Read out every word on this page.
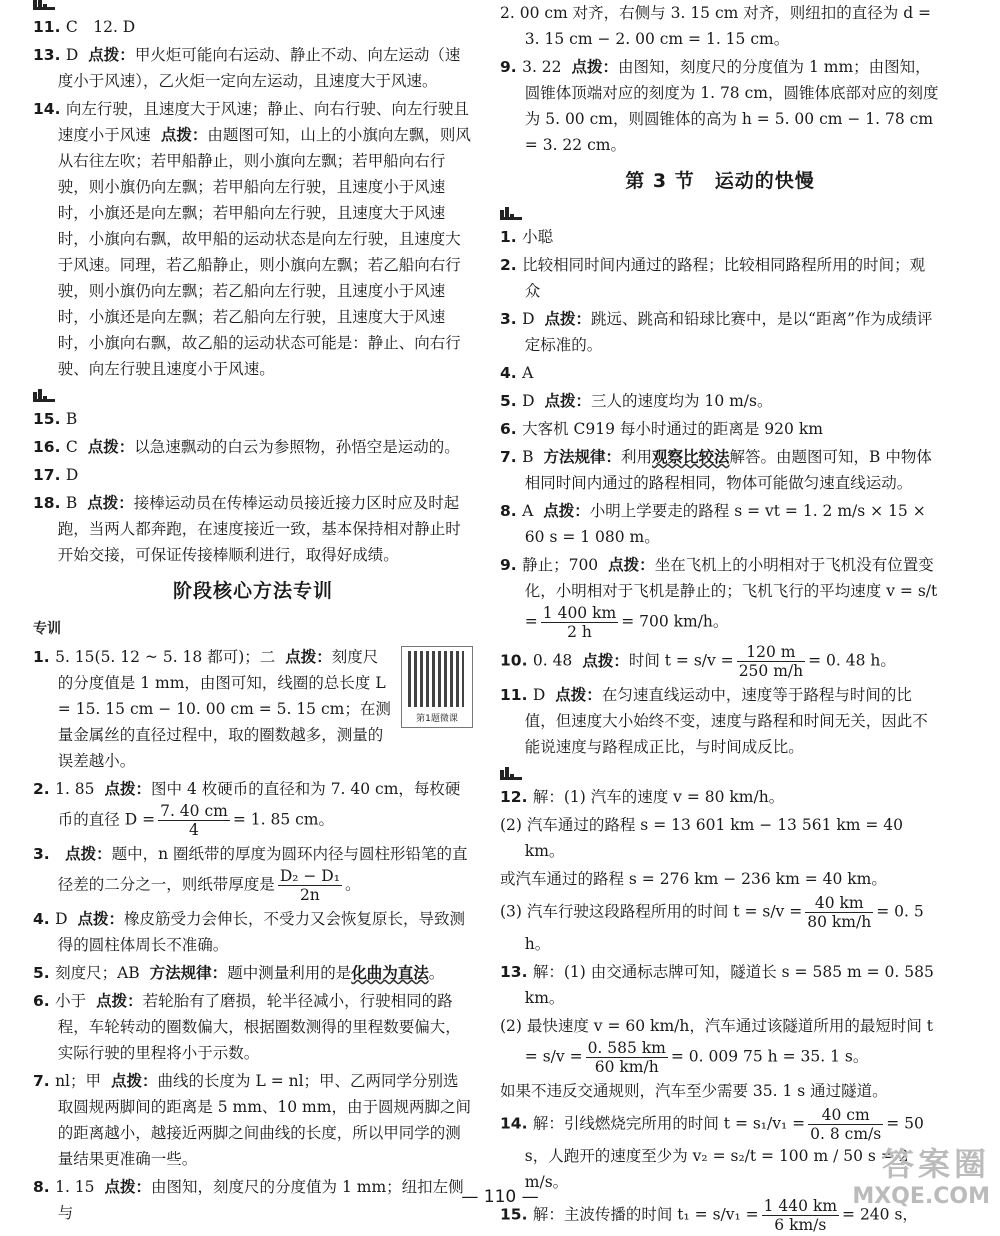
11. C　12. D
13. D 点拨：甲火炬可能向右运动、静止不动、向左运动（速度小于风速），乙火炬一定向左运动，且速度大于风速。
14. 向左行驶，且速度大于风速；静止、向右行驶、向左行驶且速度小于风速 点拨：由题图可知，山上的小旗向左飘，则风从右往左吹；若甲船静止，则小旗向左飘；若甲船向右行驶，则小旗仍向左飘；若甲船向左行驶，且速度小于风速时，小旗还是向左飘；若甲船向左行驶，且速度大于风速时，小旗向右飘，故甲船的运动状态是向左行驶，且速度大于风速。同理，若乙船静止，则小旗向左飘；若乙船向右行驶，则小旗仍向左飘；若乙船向左行驶，且速度小于风速时，小旗还是向左飘；若乙船向左行驶，且速度大于风速时，小旗向右飘，故乙船的运动状态可能是：静止、向右行驶、向左行驶且速度小于风速。
15. B
16. C 点拨：以急速飘动的白云为参照物，孙悟空是运动的。
17. D
18. B 点拨：接棒运动员在传棒运动员接近接力区时应及时起跑，当两人都奔跑，在速度接近一致，基本保持相对静止时开始交接，可保证传接棒顺利进行，取得好成绩。
阶段核心方法专训
专训
第1题微课
1. 5. 15(5. 12 ~ 5. 18 都可)；二 点拨：刻度尺的分度值是 1 mm，由图可知，线圈的总长度 L = 15. 15 cm − 10. 00 cm = 5. 15 cm；在测量金属丝的直径过程中，取的圈数越多，测量的误差越小。
2. 1. 85 点拨：图中 4 枚硬币的直径和为 7. 40 cm，每枚硬币的直径 $D = \frac{7. 40 cm}{4} = 1$. 85 cm。
3. 点拨：题中，n 圈纸带的厚度为圆环内径与圆柱形铅笔的直径差的二分之一，则纸带厚度是 $\frac{\text{D₂ − D₁}}{2n}$ 。
4. D 点拨：橡皮筋受力会伸长，不受力又会恢复原长，导致测得的圆柱体周长不准确。
5. 刻度尺；AB 方法规律：题中测量利用的是化曲为直法。
6. 小于 点拨：若轮胎有了磨损，轮半径减小，行驶相同的路程，车轮转动的圈数偏大，根据圈数测得的里程数要偏大，实际行驶的里程将小于示数。
7. nl；甲 点拨：曲线的长度为 L = nl；甲、乙两同学分别选取圆规两脚间的距离是 5 mm、10 mm，由于圆规两脚之间的距离越小，越接近两脚之间曲线的长度，所以甲同学的测量结果更准确一些。
8. 1. 15 点拨：由图知，刻度尺的分度值为 1 mm；纽扣左侧与
2. 00 cm 对齐，右侧与 3. 15 cm 对齐，则纽扣的直径为 d = 3. 15 cm − 2. 00 cm = 1. 15 cm。
9. 3. 22 点拨：由图知，刻度尺的分度值为 1 mm；由图知，圆锥体顶端对应的刻度为 1. 78 cm，圆锥体底部对应的刻度为 5. 00 cm，则圆锥体的高为 h = 5. 00 cm − 1. 78 cm = 3. 22 cm。
第 3 节　运动的快慢
1. 小聪
2. 比较相同时间内通过的路程；比较相同路程所用的时间；观众
3. D 点拨：跳远、跳高和铅球比赛中，是以“距离”作为成绩评定标准的。
4. A
5. D 点拨：三人的速度均为 10 m/s。
6. 大客机 C919 每小时通过的距离是 920 km
7. B 方法规律：利用观察比较法解答。由题图可知，B 中物体相同时间内通过的路程相同，物体可能做匀速直线运动。
8. A 点拨：小明上学要走的路程 s = vt = 1. 2 m/s × 15 × 60 s = 1 080 m。
9. 静止；700 点拨：坐在飞机上的小明相对于飞机没有位置变化，小明相对于飞机是静止的；飞机飞行的平均速度 $v = s/t = \frac{1 400 km}{2 h} = 700$ km/h。
10. 0. 48 点拨：时间 $t = s/v = \frac{120 m}{250 m/h} = 0$. 48 h。
11. D 点拨：在匀速直线运动中，速度等于路程与时间的比值，但速度大小始终不变，速度与路程和时间无关，因此不能说速度与路程成正比，与时间成反比。
12. 解：(1) 汽车的速度 v = 80 km/h。
(2) 汽车通过的路程 s = 13 601 km − 13 561 km = 40 km。
或汽车通过的路程 s = 276 km − 236 km = 40 km。
(3) 汽车行驶这段路程所用的时间 $t = s/v = \frac{40 km}{80 km/h} = 0$. 5 h。
13. 解：(1) 由交通标志牌可知，隧道长 s = 585 m = 0. 585 km。
(2) 最快速度 v = 60 km/h，汽车通过该隧道所用的最短时间 $t = s/v = \frac{0. 585 km}{60 km/h} = 0$. 009 75 h = 35. 1 s。
如果不违反交通规则，汽车至少需要 35. 1 s 通过隧道。
14. 解：引线燃烧完所用的时间 $t = s_1/v_1 = \frac{40 cm}{0. 8 cm/s} = 50$ s，人跑开的速度至少为 v₂ = s₂/t = 100 m / 50 s = 2 m/s。
15. 解：主波传播的时间 $t_1 = s/v_1 = \frac{1 440 km}{6 km/s} = 240$ s，
— 110 —
答案圈
MXQE.COM
